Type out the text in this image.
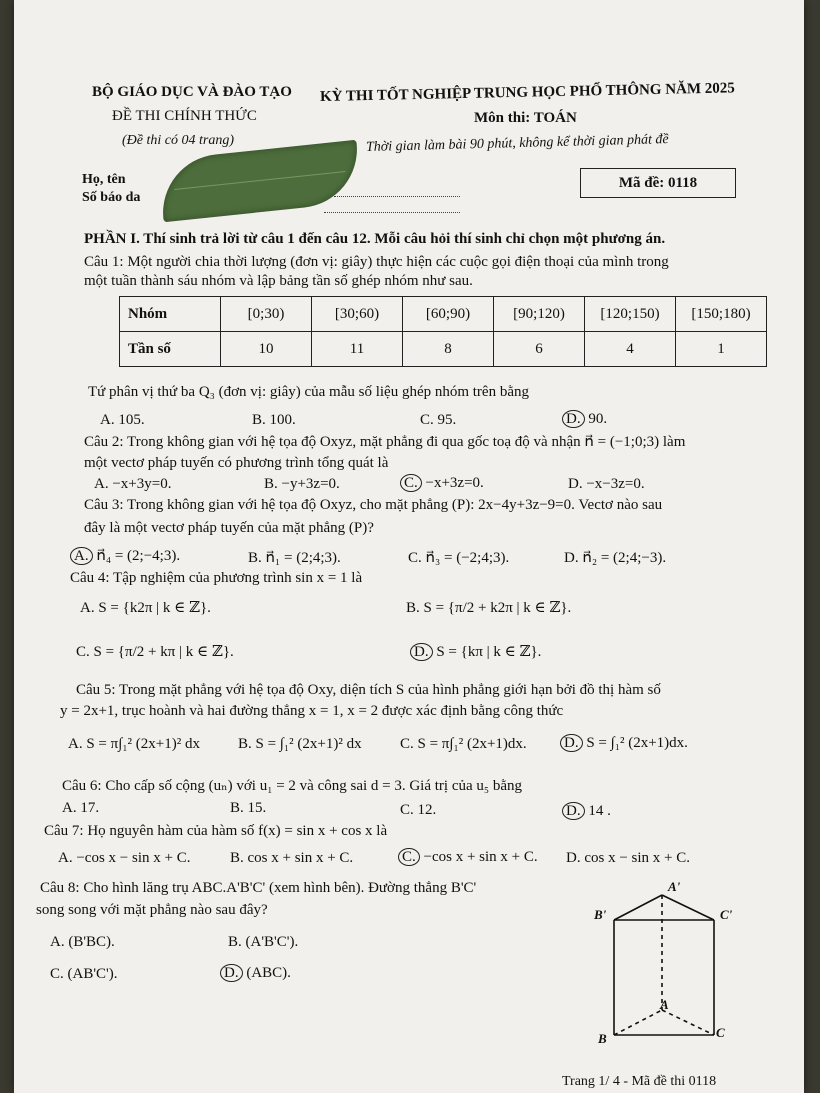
BỘ GIÁO DỤC VÀ ĐÀO TẠO KỲ THI TỐT NGHIỆP TRUNG HỌC PHỔ THÔNG NĂM 2025
ĐỀ THI CHÍNH THỨC	Môn thi: TOÁN
(Đề thi có 04 trang)	Thời gian làm bài 90 phút, không kể thời gian phát đề
Họ, tên
Số báo da
Mã đề: 0118
PHẦN I. Thí sinh trả lời từ câu 1 đến câu 12. Mỗi câu hỏi thí sinh chỉ chọn một phương án.
Câu 1: Một người chia thời lượng (đơn vị: giây) thực hiện các cuộc gọi điện thoại của mình trong
một tuần thành sáu nhóm và lập bảng tần số ghép nhóm như sau.
Nhóm	[0;30)	[30;60)	[60;90)	[90;120)	[120;150)	[150;180)
Tần số	10	11	8	6	4	1
Tứ phân vị thứ ba Q₃ (đơn vị: giây) của mẫu số liệu ghép nhóm trên bằng
A. 105.	B. 100.	C. 95.	D. 90.
Câu 2: Trong không gian với hệ tọa độ Oxyz, mặt phẳng đi qua gốc toạ độ và nhận n⃗ = (−1;0;3) làm
một vectơ pháp tuyến có phương trình tổng quát là
A. −x+3y=0.	B. −y+3z=0.	C. −x+3z=0.	D. −x−3z=0.
Câu 3: Trong không gian với hệ tọa độ Oxyz, cho mặt phẳng (P): 2x−4y+3z−9=0. Vectơ nào sau
đây là một vectơ pháp tuyến của mặt phẳng (P)?
A. n⃗₄ = (2;−4;3).	B. n⃗₁ = (2;4;3).	C. n⃗₃ = (−2;4;3).	D. n⃗₂ = (2;4;−3).
Câu 4: Tập nghiệm của phương trình sin x = 1 là
A. S = {k2π | k ∈ ℤ}.	B. S = {π/2 + k2π | k ∈ ℤ}.
C. S = {π/2 + kπ | k ∈ ℤ}.	D. S = {kπ | k ∈ ℤ}.
Câu 5: Trong mặt phẳng với hệ tọa độ Oxy, diện tích S của hình phẳng giới hạn bởi đồ thị hàm số
y = 2x+1, trục hoành và hai đường thẳng x = 1, x = 2 được xác định bằng công thức
A. S = π∫₁² (2x+1)² dx	B. S = ∫₁² (2x+1)² dx	C. S = π∫₁² (2x+1)dx. D. S = ∫₁² (2x+1)dx.
Câu 6: Cho cấp số cộng (uₙ) với u₁ = 2 và công sai d = 3. Giá trị của u₅ bằng
A. 17.	B. 15.	C. 12.	D. 14 .
Câu 7: Họ nguyên hàm của hàm số f(x) = sin x + cos x là
A. −cos x − sin x + C.	B. cos x + sin x + C.	C. −cos x + sin x + C. D. cos x − sin x + C.
Câu 8: Cho hình lăng trụ ABC.A'B'C' (xem hình bên). Đường thẳng B'C'
song song với mặt phẳng nào sau đây?
A. (B'BC).	B. (A'B'C').
C. (AB'C').	D. (ABC).
A'
B'	C'
A
B	C
Trang 1/ 4 - Mã đề thi 0118
